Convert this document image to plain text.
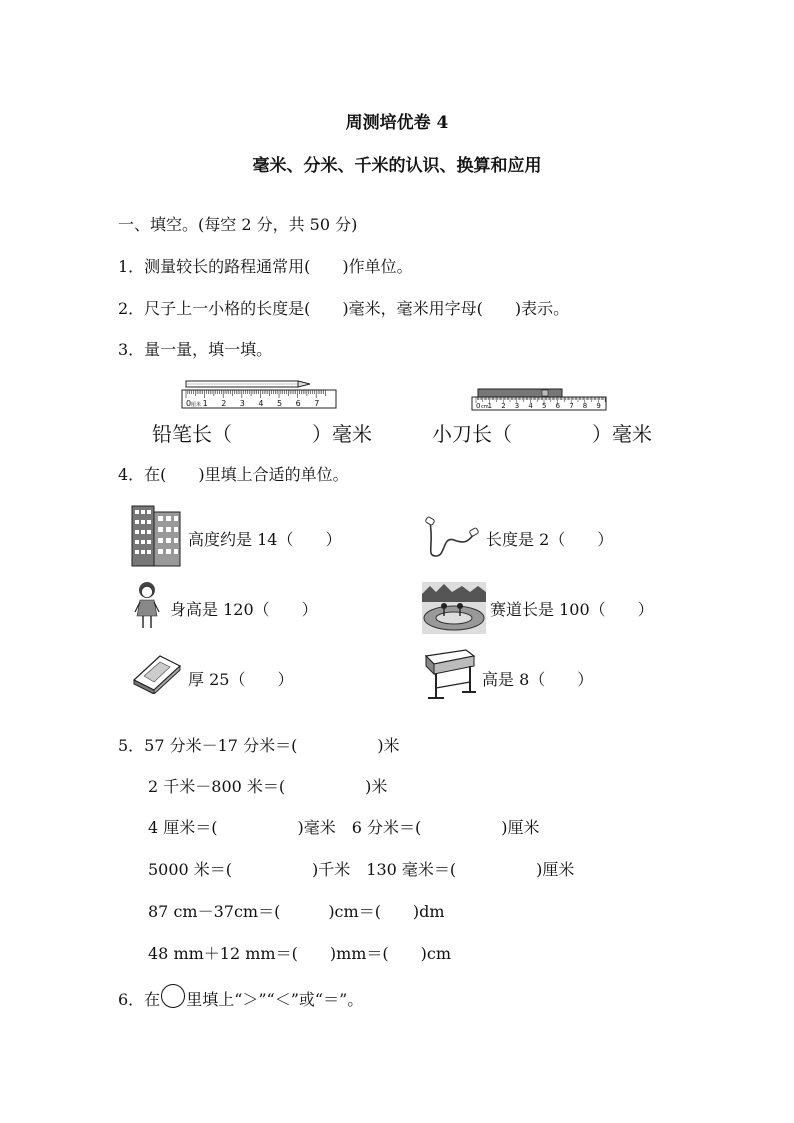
周测培优卷 4
毫米、分米、千米的认识、换算和应用
一、填空。(每空 2 分，共 50 分)
1．测量较长的路程通常用(　　)作单位。
2．尺子上一小格的长度是(　　)毫米，毫米用字母(　　)表示。
3．量一量，填一填。
0 1 2 3 4 5 6 7
厘米
铅笔长（　　　　）毫米
0 1 2 3 4 5 6 7 8 9
cm
小刀长（　　　　）毫米
4．在(　　)里填上合适的单位。
高度约是 14（　　）	长度是 2（　　）
身高是 120（　　）	赛道长是 100（　　）
厚 25（　　）	高是 8（　　）
5．57 分米－17 分米＝(　　　　　)米
2 千米－800 米＝(　　　　　)米
4 厘米＝(　　　　　)毫米　6 分米＝(　　　　　)厘米
5000 米＝(　　　　　)千米　130 毫米＝(　　　　　)厘米
87 cm－37cm＝(　　　)cm＝(　　)dm
48 mm＋12 mm＝(　　)mm＝(　　)cm
6．在 里填上“＞”“＜”或“＝”。
